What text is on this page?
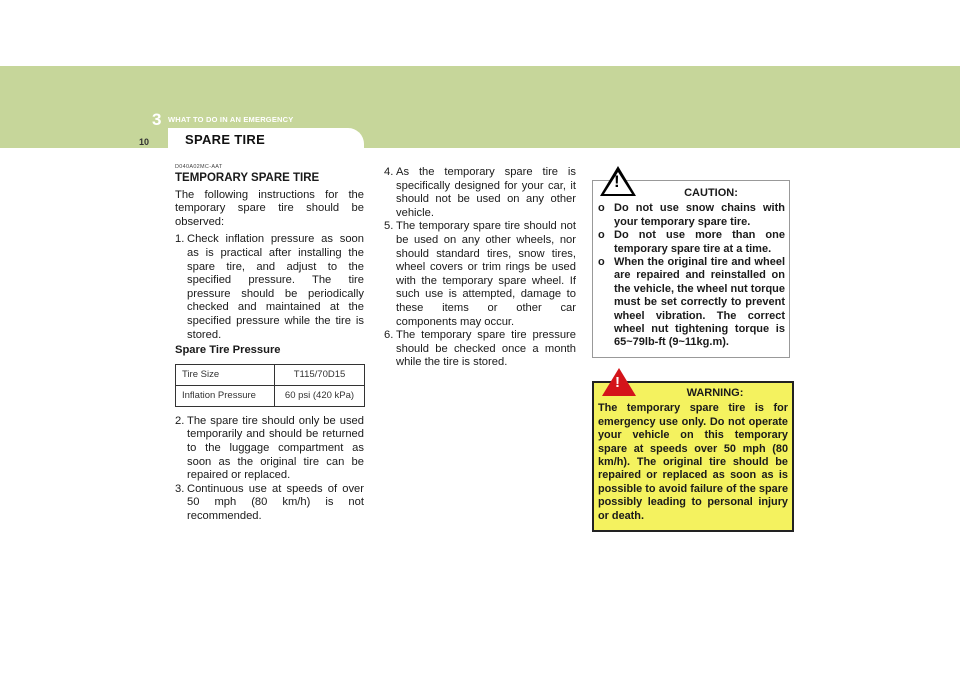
3 WHAT TO DO IN AN EMERGENCY
10	SPARE TIRE
D040A02MC-AAT
TEMPORARY SPARE TIRE

The following instructions for the temporary spare tire should be observed:

1. Check inflation pressure as soon as is practical after installing the spare tire, and adjust to the specified pressure. The tire pressure should be periodically checked and maintained at the specified pressure while the tire is stored.
Spare Tire Pressure
Tire Size	T115/70D15
Inflation Pressure	60 psi (420 kPa)
2. The spare tire should only be used temporarily and should be returned to the luggage compartment as soon as the original tire can be repaired or replaced.
3. Continuous use at speeds of over 50 mph (80 km/h) is not recommended.
4. As the temporary spare tire is specifically designed for your car, it should not be used on any other vehicle.
5. The temporary spare tire should not be used on any other wheels, nor should standard tires, snow tires, wheel covers or trim rings be used with the temporary spare wheel. If such use is attempted, damage to these items or other car components may occur.
6. The temporary spare tire pressure should be checked once a month while the tire is stored.
CAUTION:
o Do not use snow chains with your temporary spare tire.
o Do not use more than one temporary spare tire at a time.
o When the original tire and wheel are repaired and reinstalled on the vehicle, the wheel nut torque must be set correctly to prevent wheel vibration. The correct wheel nut tightening torque is 65~79lb-ft (9~11kg.m).
!
WARNING:

The temporary spare tire is for emergency use only. Do not operate your vehicle on this temporary spare at speeds over 50 mph (80 km/h). The original tire should be repaired or replaced as soon as is possible to avoid failure of the spare possibly leading to personal injury or death.

!
